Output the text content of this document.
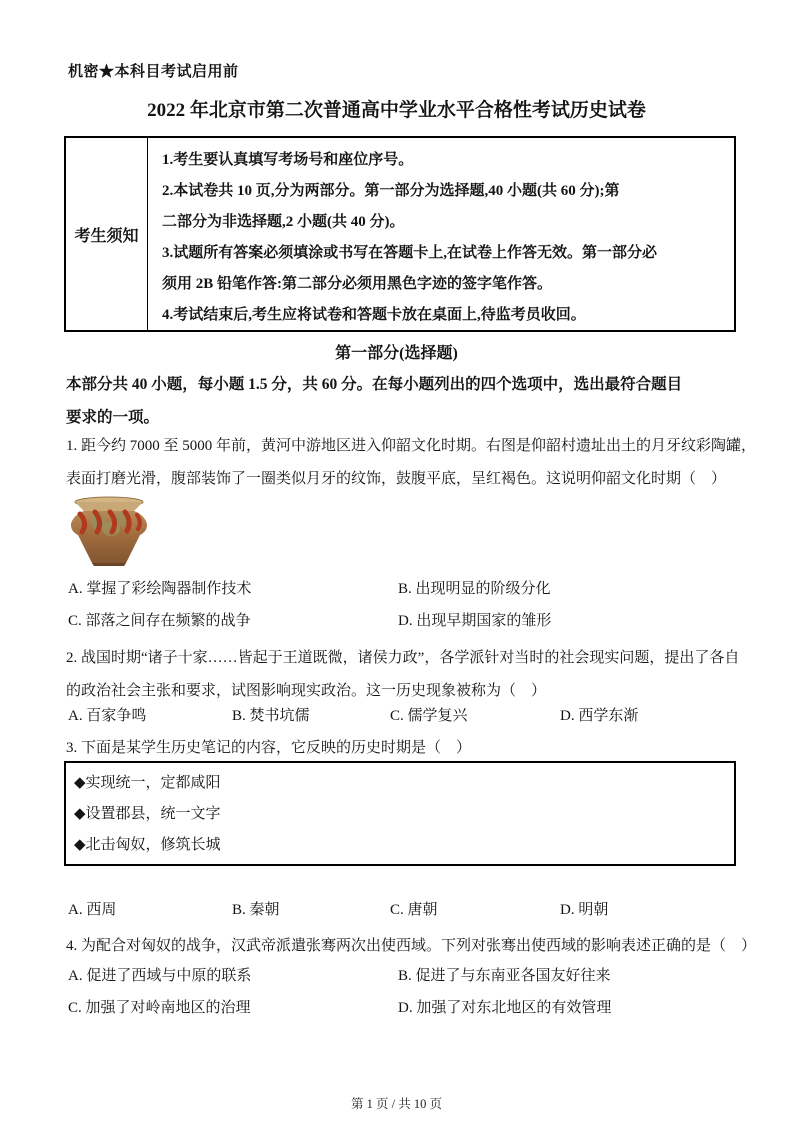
机密★本科目考试启用前
2022 年北京市第二次普通高中学业水平合格性考试历史试卷
考生须知
1.考生要认真填写考场号和座位序号。
2.本试卷共 10 页,分为两部分。第一部分为选择题,40 小题(共 60 分);第
二部分为非选择题,2 小题(共 40 分)。
3.试题所有答案必须填涂或书写在答题卡上,在试卷上作答无效。第一部分必
须用 2B 铅笔作答:第二部分必须用黑色字迹的签字笔作答。
4.考试结束后,考生应将试卷和答题卡放在桌面上,待监考员收回。
第一部分(选择题)
本部分共 40 小题，每小题 1.5 分，共 60 分。在每小题列出的四个选项中，选出最符合题目
要求的一项。
1. 距今约 7000 至 5000 年前，黄河中游地区进入仰韶文化时期。右图是仰韶村遗址出土的月牙纹彩陶罐，
表面打磨光滑，腹部装饰了一圈类似月牙的纹饰，鼓腹平底，呈红褐色。这说明仰韶文化时期（　）
A. 掌握了彩绘陶器制作技术	B. 出现明显的阶级分化
C. 部落之间存在频繁的战争	D. 出现早期国家的雏形
2. 战国时期“诸子十家……皆起于王道既微，诸侯力政”，各学派针对当时的社会现实问题，提出了各自
的政治社会主张和要求，试图影响现实政治。这一历史现象被称为（　）
A. 百家争鸣	B. 焚书坑儒	C. 儒学复兴	D. 西学东渐
3. 下面是某学生历史笔记的内容，它反映的历史时期是（　）
◆实现统一，定都咸阳
◆设置郡县，统一文字
◆北击匈奴，修筑长城
A. 西周	B. 秦朝	C. 唐朝	D. 明朝
4. 为配合对匈奴的战争，汉武帝派遣张骞两次出使西域。下列对张骞出使西域的影响表述正确的是（　）
A. 促进了西域与中原的联系	B. 促进了与东南亚各国友好往来
C. 加强了对岭南地区的治理	D. 加强了对东北地区的有效管理
第 1 页 / 共 10 页
